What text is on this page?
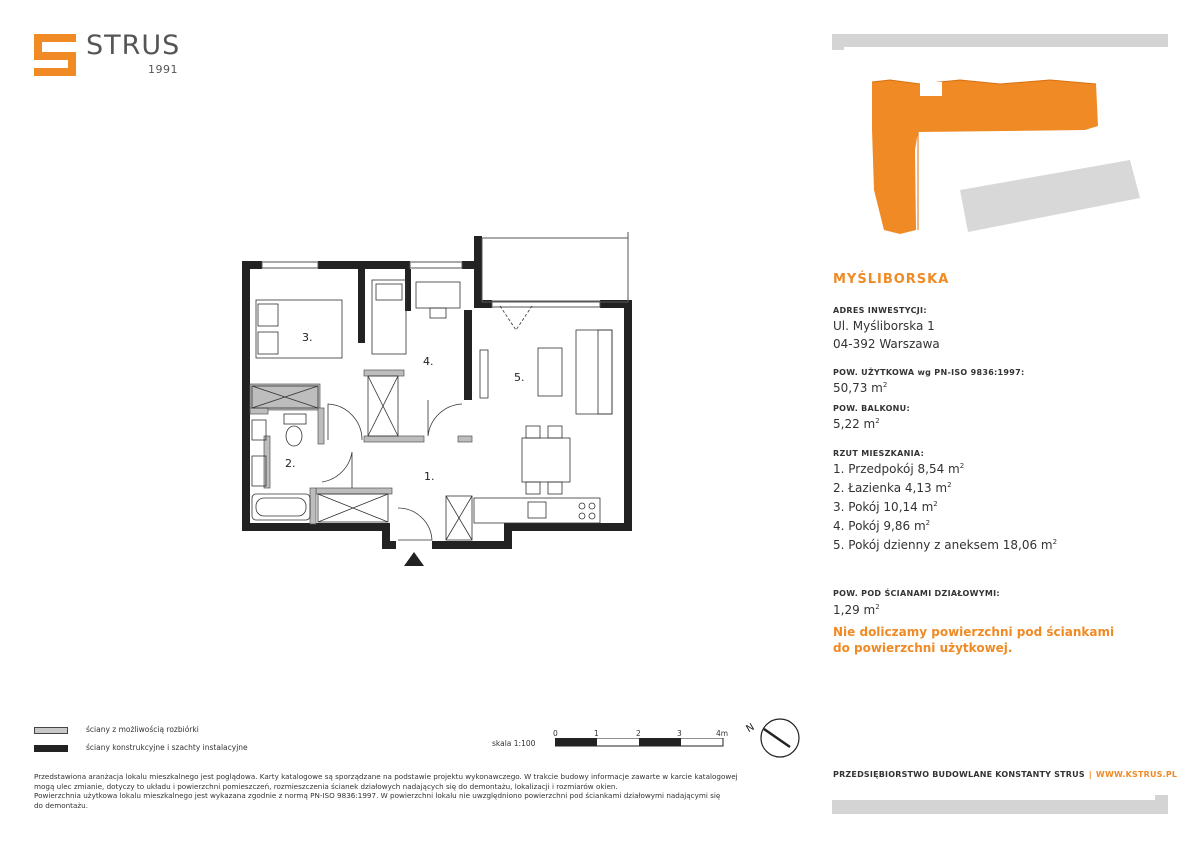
STRUS
1991
MYŚLIBORSKA
ADRES INWESTYCJI:
Ul. Myśliborska 1
04-392 Warszawa
POW. UŻYTKOWA wg PN-ISO 9836:1997:
50,73 $m^2$
POW. BALKONU:
5,22 $m^2$
RZUT MIESZKANIA:
1. Przedpokój 8,54 $m^2$
2. Łazienka 4,13 $m^2$
3. Pokój 10,14 $m^2$
4. Pokój 9,86 $m^2$
5. Pokój dzienny z aneksem 18,06 $m^2$
POW. POD ŚCIANAMI DZIAŁOWYMI:
1,29 $m^2$
Nie doliczamy powierzchni pod ściankami
do powierzchni użytkowej.
PRZEDSIĘBIORSTWO BUDOWLANE KONSTANTY STRUS | WWW.KSTRUS.PL
1.
2.
3.
4.
5.
ściany z możliwością rozbiórki
ściany konstrukcyjne i szachty instalacyjne	skala 1:100
0	1	2	3	4m N
Przedstawiona aranżacja lokalu mieszkalnego jest poglądowa. Karty katalogowe są sporządzane na podstawie projektu wykonawczego. W trakcie budowy informacje zawarte w karcie katalogowej
mogą ulec zmianie, dotyczy to układu i powierzchni pomieszczeń, rozmieszczenia ścianek działowych nadających się do demontażu, lokalizacji i rozmiarów okien.
Powierzchnia użytkowa lokalu mieszkalnego jest wykazana zgodnie z normą PN-ISO 9836:1997. W powierzchni lokalu nie uwzględniono powierzchni pod ściankami działowymi nadającymi się
do demontażu.
